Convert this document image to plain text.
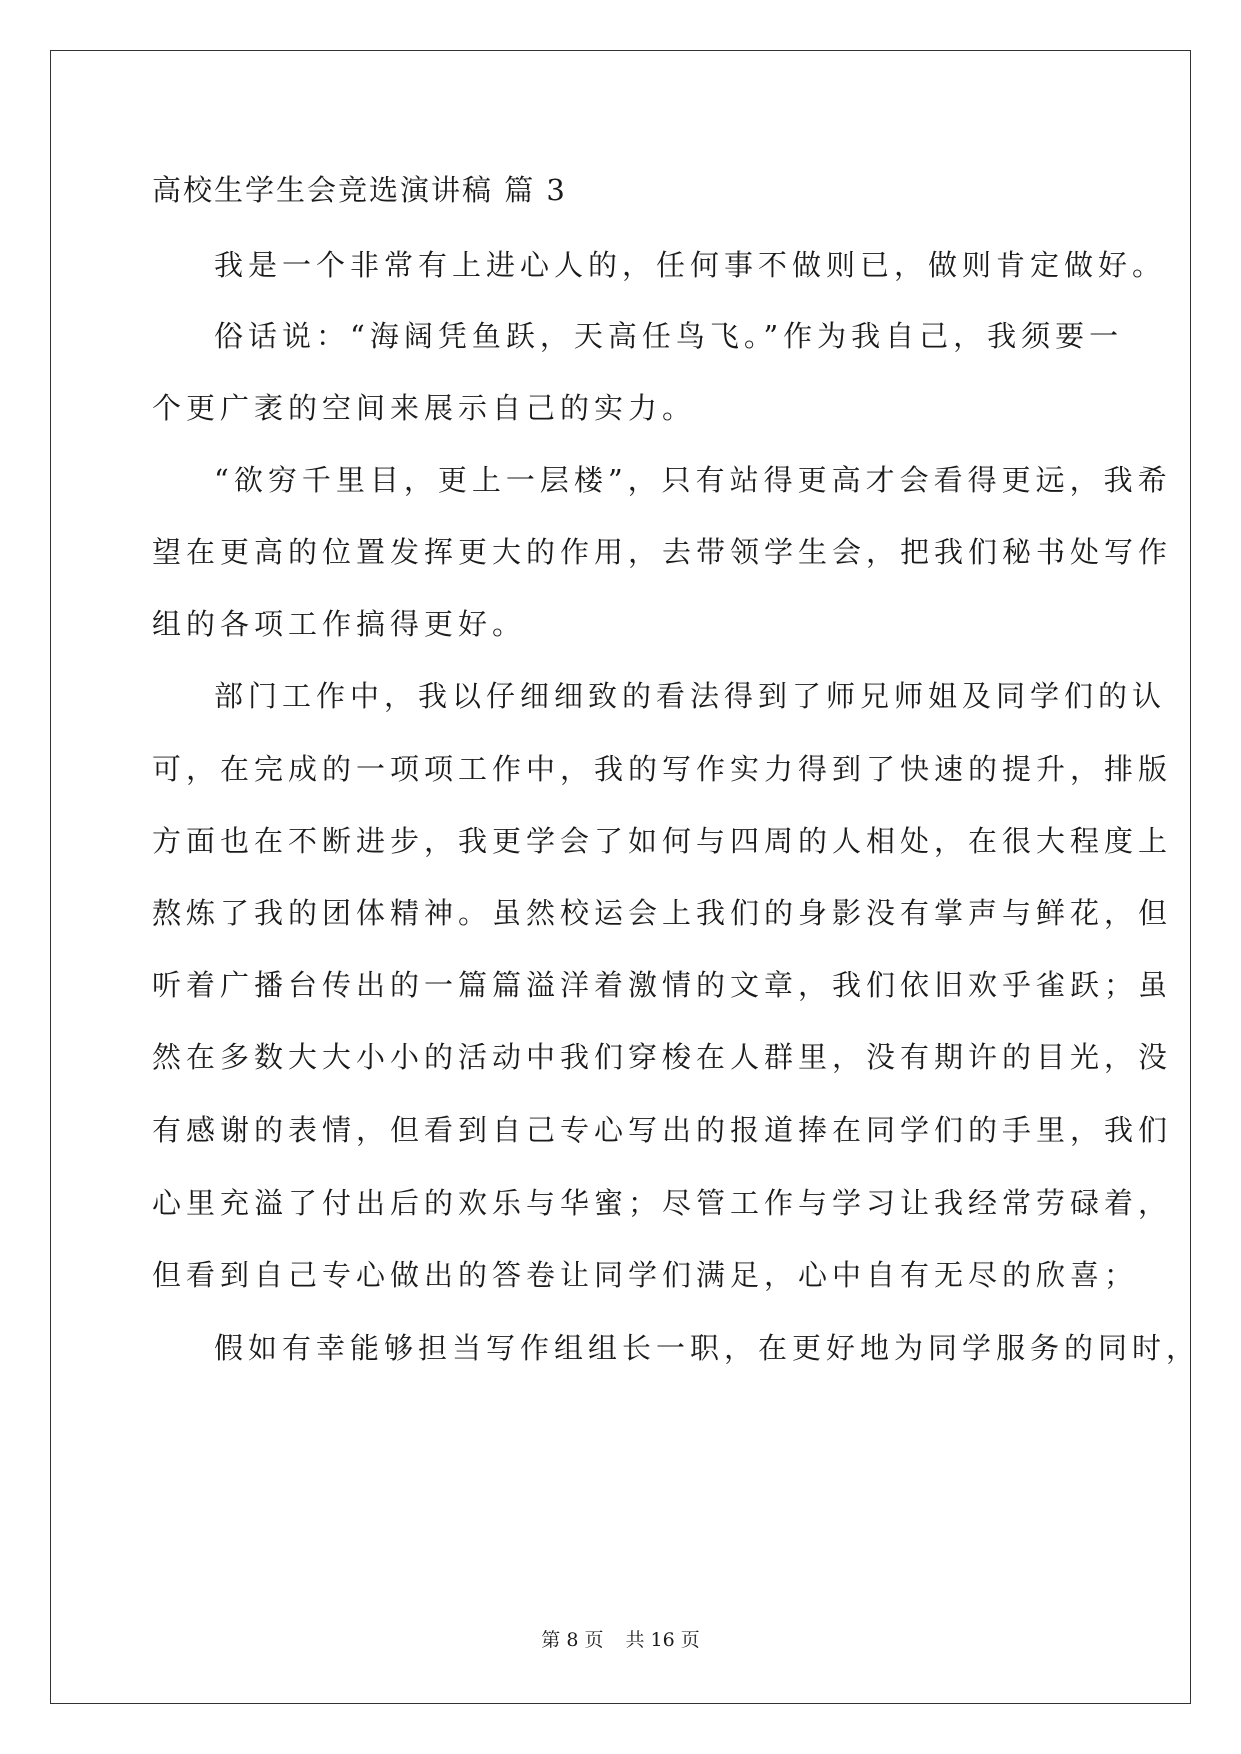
高校生学生会竞选演讲稿 篇 3
我是一个非常有上进心人的，任何事不做则已，做则肯定做好。
俗话说：“海阔凭鱼跃，天高任鸟飞。”作为我自己，我须要一
个更广袤的空间来展示自己的实力。
“欲穷千里目，更上一层楼”，只有站得更高才会看得更远，我希
望在更高的位置发挥更大的作用，去带领学生会，把我们秘书处写作
组的各项工作搞得更好。
部门工作中，我以仔细细致的看法得到了师兄师姐及同学们的认
可，在完成的一项项工作中，我的写作实力得到了快速的提升，排版
方面也在不断进步，我更学会了如何与四周的人相处，在很大程度上
熬炼了我的团体精神。虽然校运会上我们的身影没有掌声与鲜花，但
听着广播台传出的一篇篇溢洋着激情的文章，我们依旧欢乎雀跃；虽
然在多数大大小小的活动中我们穿梭在人群里，没有期许的目光，没
有感谢的表情，但看到自己专心写出的报道捧在同学们的手里，我们
心里充溢了付出后的欢乐与华蜜；尽管工作与学习让我经常劳碌着，
但看到自己专心做出的答卷让同学们满足，心中自有无尽的欣喜；
假如有幸能够担当写作组组长一职，在更好地为同学服务的同时，
第 8 页 共 16 页
